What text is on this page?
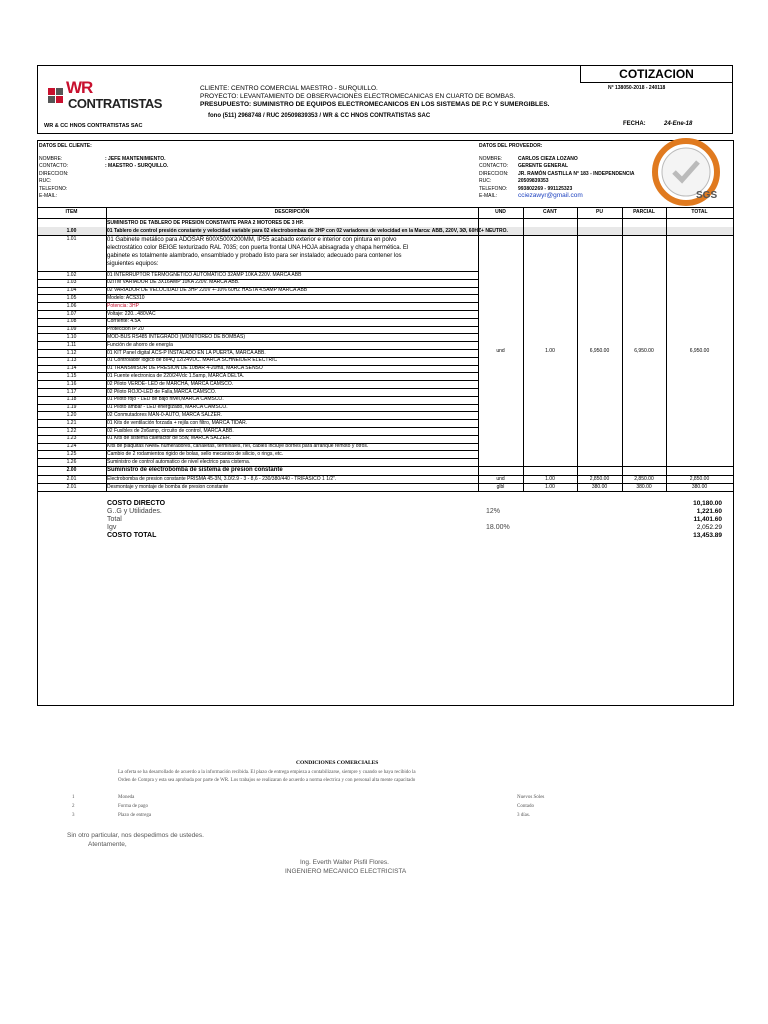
WR
CONTRATISTAS
WR & CC HNOS CONTRATISTAS SAC
CLIENTE: CENTRO COMERCIAL MAESTRO - SURQUILLO.
PROYECTO: LEVANTAMIENTO DE OBSERVACIONES ELECTROMECANICAS EN CUARTO DE BOMBAS.
PRESUPUESTO: SUMINISTRO DE EQUIPOS ELECTROMECANICOS EN LOS SISTEMAS DE P.C Y SUMERGIBLES.
fono (511) 2968748 / RUC 20509839353 / WR & CC HNOS CONTRATISTAS SAC
COTIZACION
N° 138050-2018 - 240118
FECHA:	24-Ene-18
DATOS DEL CLIENTE:
NOMBRE:	: JEFE MANTENIMIENTO.
CONTACTO:	: MAESTRO - SURQUILLO.
DIRECCION:
RUC:
TELEFONO:
E-MAIL:
DATOS DEL PROVEEDOR:
NOMBRE:	CARLOS CIEZA LOZANO
CONTACTO: GERENTE GENERAL
DIRECCION: JR. RAMÓN CASTILLA N° 183 - INDEPENDENCIA
RUC:	20509839353
TELEFONO: 993802269 - 991125323
E-MAIL:	cciezawyr@gmail.com	SGS
ITEM	DESCRIPCIÓN	UND	CANT	PU	PARCIAL	TOTAL
SUMINISTRO DE TABLERO DE PRESION CONSTANTE PARA 2 MOTORES DE 3 HP.
1.00	01 Tablero de control presión constante y velocidad variable para 02 electrobombas de 3HP con 02 variadores de velocidad en la Marca: ABB, 220V, 3Ø, 60HZ+ NEUTRO.
1.01	01 Gabinete metálico para ADOSAR 600X500X200MM, IP55 acabado exterior e interior con pintura en polvo
electrostático color BEIGE texturizado RAL 7035; con puerta frontal UNA HOJA abisagrada y chapa hermética. El
gabinete es totalmente alambrado, ensamblado y probado listo para ser instalado; adecuado para contener los
siguientes equipos:
1.02	01 INTERRUPTOR TERMOGNETICO AUTOMATICO 32AMP 10KA 220V. MARCA ABB
1.03	02ITM VARIADOR DE 3X16AMP 10KA 220V. MARCA ABB.
1.04	02 VARIADOR DE VELOCIDAD DE 3HP 220V +-10% 60HZ HASTA 4.5AMP MARCA ABB
1.05	Modelo: ACS310
1.06	Potencia: 3HP
1.07	Voltaje: 220...480VAC
1.08	Corriente: 4.5A
1.09	Protección IP 20
1.10	MOD-BUS RS485 INTEGRADO (MONITOREO DE BOMBAS)
1.11	Función de ahorro de energía
1.12	01 KIT Panel digital ACS-P INSTALADO EN LA PUERTA, MARCA ABB.
1.13	01 Controlador logico de 8I/4Q 12/24VDC. MARCA SCHNEIDER ELECTRIC
1.14	01 TRANSMISOR DE PRESION DE 10BAR 4-20ma, MARCA SENSO
1.15	01 Fuente electronica de 220/24Vdc 1.5amp, MARCA DELTA.
1.16	02 Piloto VERDE- LED de MARCHA, MARCA CAMSCO.
1.17	02 Piloto ROJO-LED de Falla,MARCA CAMSCO.
1.18	01 Piloto rojo - LED de bajo nivel,MARCA CAMSCO.
1.19	01 Piloto ambar - LED energizado, MARCA CAMSCO.
1.20	02 Conmutadores MAN-0-AUTO, MARCA SALZER.
1.21	01 Kits de ventilación forzada + rejila con filtro, MARCA TIDAR.
1.22	02 Fusibles de 2x6amp, circuito de control, MARCA ABB.
1.23	01 Kits de sistema calefactor de 55w, MARCA SALZER.
1.24	Kits de plaquitas NAME numeradores, canaletas, terminales, riel, cables incluye bornes para arranque remoto y otros.
1.25	Cambio de 2 rodamientos rigido de bolas, sello mecanico de silicio, o rings, etc.
1.26	Suministro de control automatico de nivel electrico para cisterna.
und	1.00	6,950.00	6,950.00	6,950.00
2.00	Suministro de electrobomba de sistema de presion constante
2.01	Electrobomba de presion constante PRISMA 45-3N, 3.0/2.9 - 3 - 8,6 - 230/380/440 - TRIFASICO 1 1/2".	und	1.00	2,850.00	2,850.00	2,850.00
2.01	Desmontaje y montaje de bomba de presion constante	glbl	1.00	380.00	380.00	380.00
COSTO DIRECTO	10,180.00
G..G y Utilidades.	12%	1,221.60
Total	11,401.60
Igv	18.00%	2,052.29
COSTO TOTAL	13,453.89
CONDICIONES COMERCIALES
La oferta se ha desarrollado de acuerdo a la información recibida. El plazo de entrega empieza a contabilizarse, siempre y cuando se haya recibido la
Orden de Compra y esta sea aprobada por parte de WR. Los trabajos se realizaran de acuerdo a norma electrica y con personal alta mente capacitado
1	Moneda	Nuevos Soles
2	Forma de pago	Contado
3	Plazo de entrega	3 días.
Sin otro particular, nos despedimos de ustedes.
Atentamente,
Ing. Everth Walter Pisfil Flores.
INGENIERO MECANICO ELECTRICISTA
